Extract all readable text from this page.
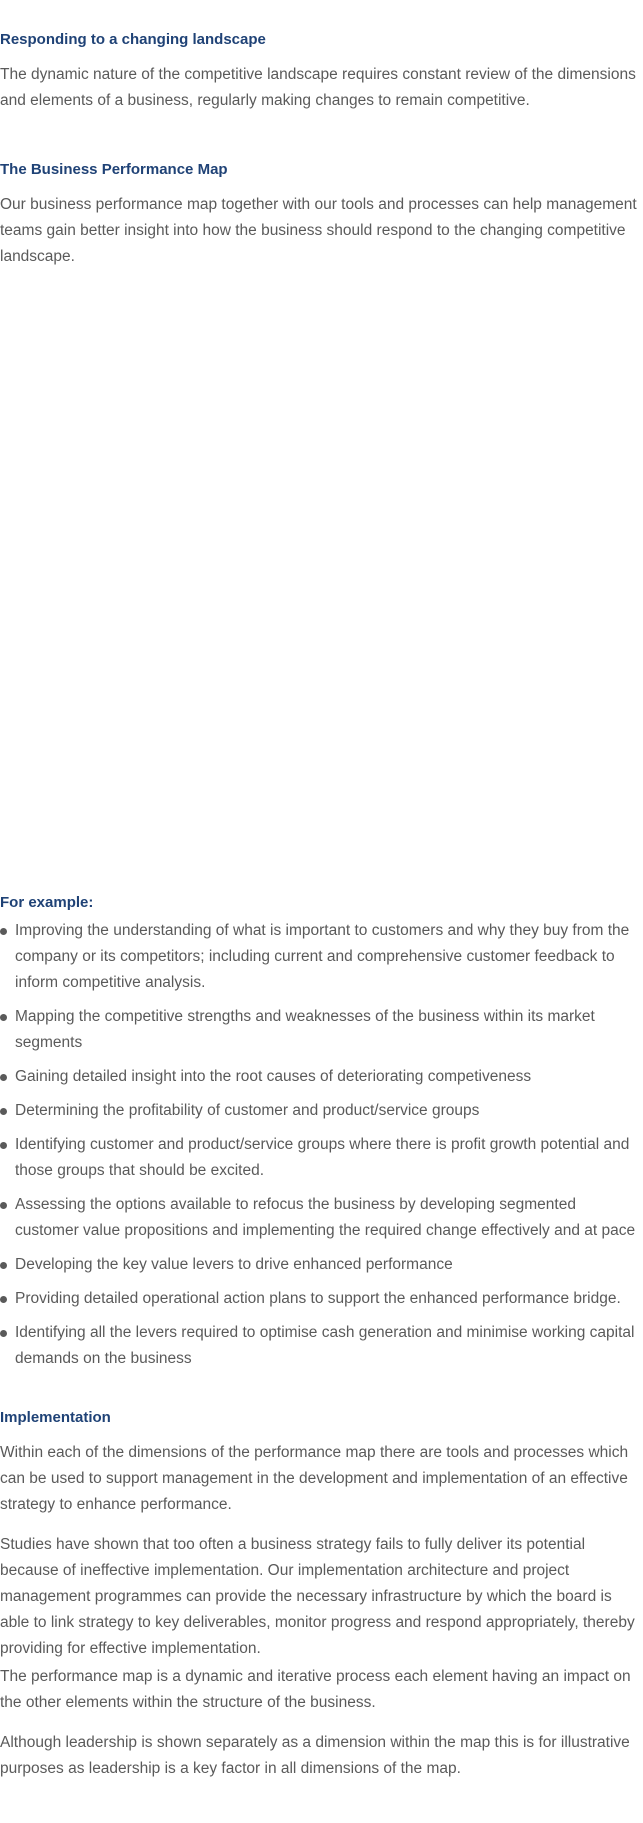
Responding to a changing landscape

The dynamic nature of the competitive landscape requires constant review of the dimensions and elements of a business, regularly making changes to remain competitive.

The Business Performance Map

Our business performance map together with our tools and processes can help management teams gain better insight into how the business should respond to the changing competitive landscape.

For example:
Improving the understanding of what is important to customers and why they buy from the company or its competitors; including current and comprehensive customer feedback to inform competitive analysis.
Mapping the competitive strengths and weaknesses of the business within its market segments
Gaining detailed insight into the root causes of deteriorating competiveness
Determining the profitability of customer and product/service groups
Identifying customer and product/service groups where there is profit growth potential and those groups that should be excited.
Assessing the options available to refocus the business by developing segmented customer value propositions and implementing the required change effectively and at pace
Developing the key value levers to drive enhanced performance
Providing detailed operational action plans to support the enhanced performance bridge.
Identifying all the levers required to optimise cash generation and minimise working capital demands on the business
Implementation

Within each of the dimensions of the performance map there are tools and processes which can be used to support management in the development and implementation of an effective strategy to enhance performance.

Studies have shown that too often a business strategy fails to fully deliver its potential because of ineffective implementation. Our implementation architecture and project management programmes can provide the necessary infrastructure by which the board is able to link strategy to key deliverables, monitor progress and respond appropriately, thereby providing for effective implementation.

The performance map is a dynamic and iterative process each element having an impact on the other elements within the structure of the business.

Although leadership is shown separately as a dimension within the map this is for illustrative purposes as leadership is a key factor in all dimensions of the map.
